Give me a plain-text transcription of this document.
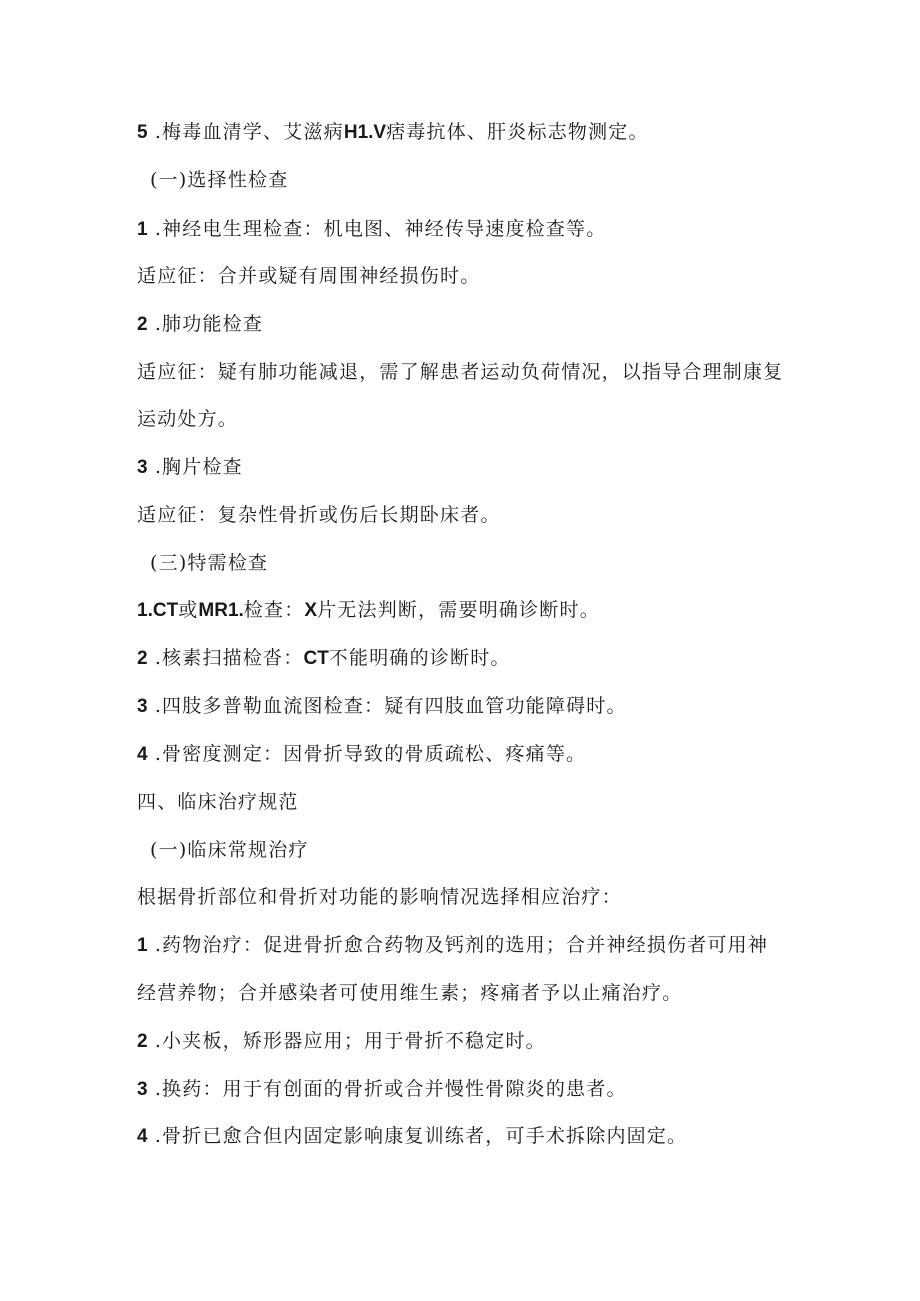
5 .梅毒血清学、艾滋病H1.V痞毒抗体、肝炎标志物测定。
(一)选择性检查
1 .神经电生理检查：机电图、神经传导速度检查等。
适应征：合并或疑有周围神经损伤时。
2 .肺功能检查
适应征：疑有肺功能减退，需了解患者运动负荷情况，以指导合理制康复
运动处方。
3 .胸片检查
适应征：复杂性骨折或伤后长期卧床者。
(三)特需检查
1.CT或MR1.检查：X片无法判断，需要明确诊断时。
2 .核素扫描检沓：CT不能明确的诊断时。
3 .四肢多普勒血流图检查：疑有四肢血管功能障碍时。
4 .骨密度测定：因骨折导致的骨质疏松、疼痛等。
四、临床治疗规范
(一)临床常规治疗
根据骨折部位和骨折对功能的影响情况选择相应治疗：
1 .药物治疗：促进骨折愈合药物及钙剂的选用；合并神经损伤者可用神
经营养物；合并感染者可使用维生素；疼痛者予以止痛治疗。
2 .小夹板，矫形器应用；用于骨折不稳定时。
3 .换药：用于有创面的骨折或合并慢性骨隙炎的患者。
4 .骨折已愈合但内固定影响康复训练者，可手术拆除内固定。
